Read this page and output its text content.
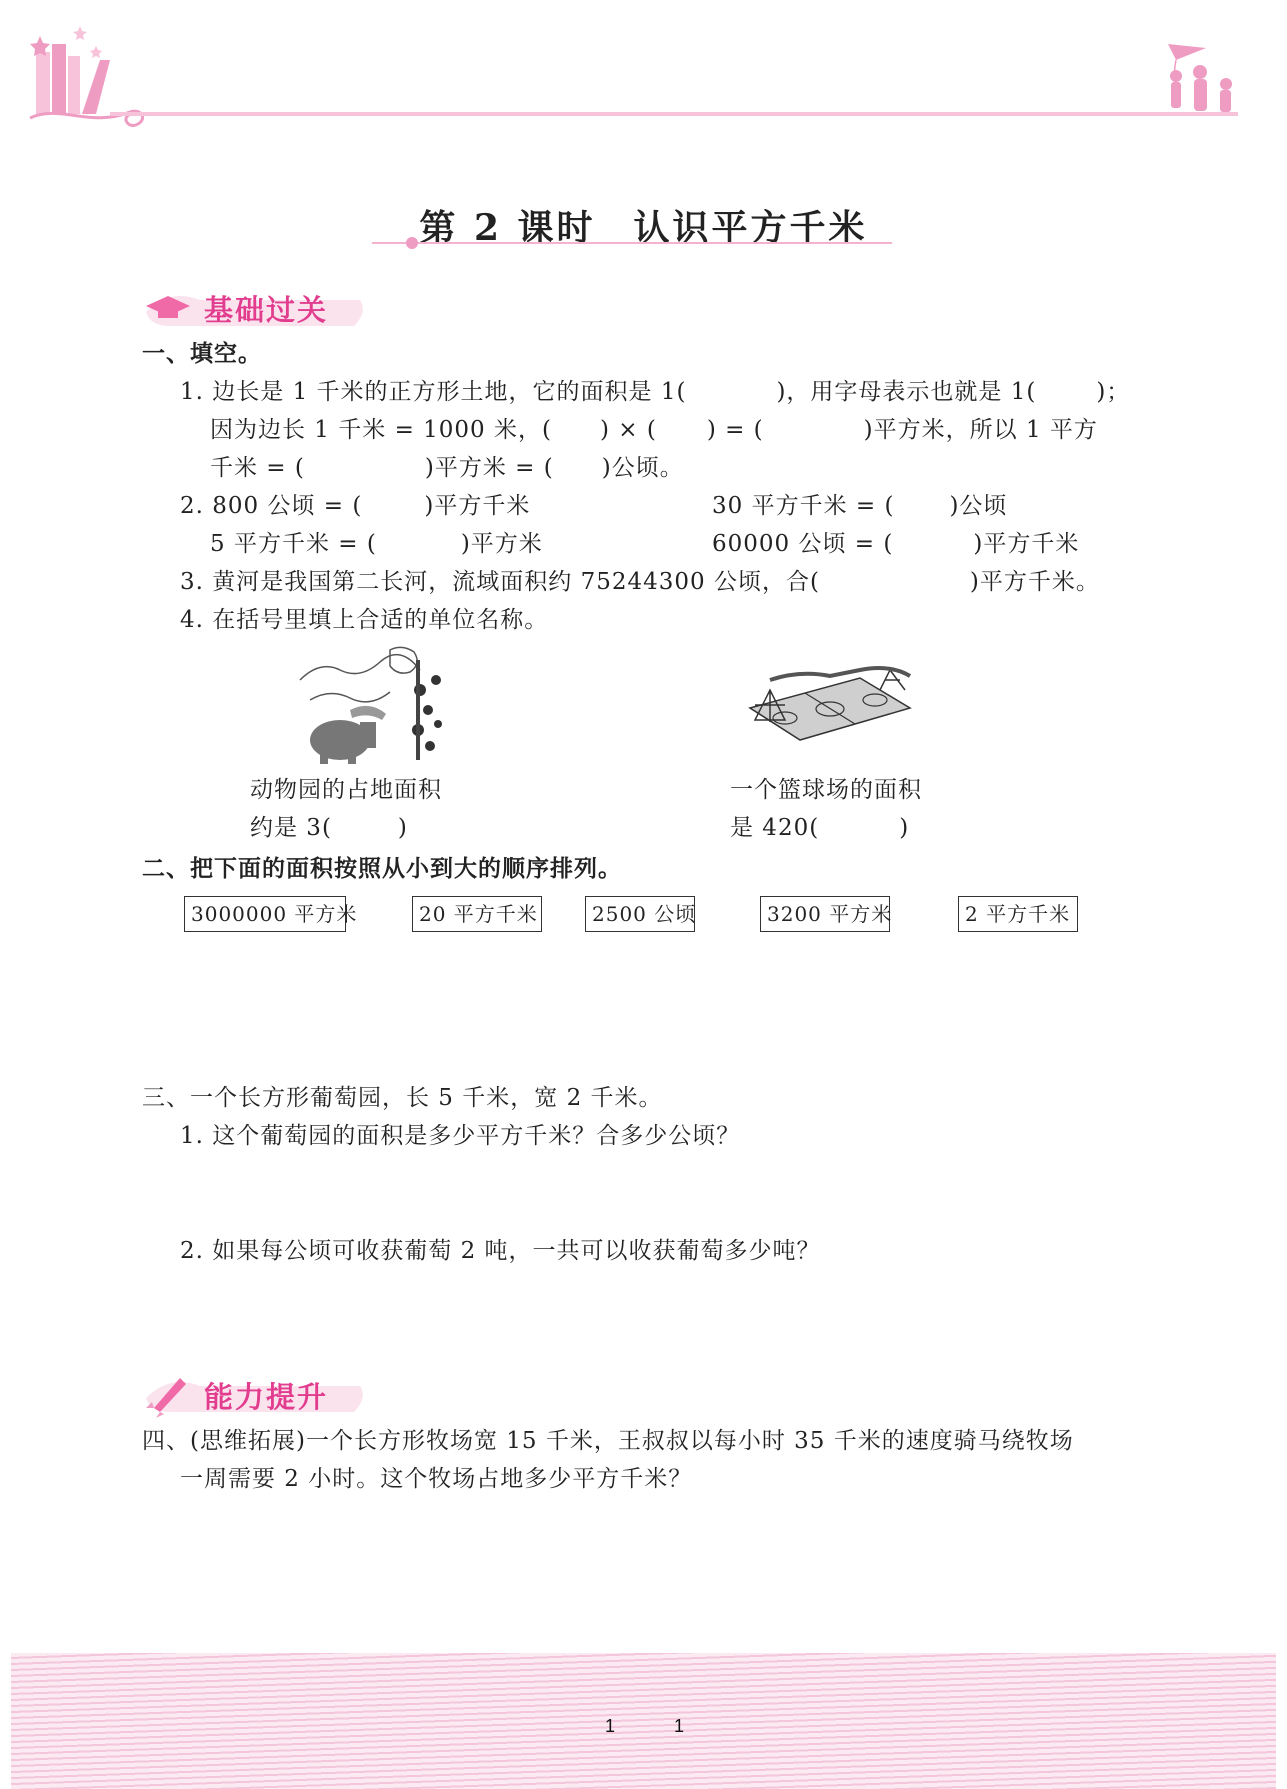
第 2 课时 认识平方千米
基础过关
一、填空。
1. 边长是 1 千米的正方形土地，它的面积是 1(	)，用字母表示也就是 1(	)；
因为边长 1 千米 = 1000 米，( ) × ( ) = (	)平方米，所以 1 平方
千米 = (	)平方米 = ( )公顷。
2. 800 公顷 = (	)平方千米	30 平方千米 = ( )公顷
5 平方千米 = (	)平方米	60000 公顷 = (	)平方千米
3. 黄河是我国第二长河，流域面积约 75244300 公顷，合(	)平方千米。
4. 在括号里填上合适的单位名称。
动物园的占地面积
约是 3(	)
一个篮球场的面积
是 420(	)
二、把下面的面积按照从小到大的顺序排列。
3000000 平方米	20 平方千米	2500 公顷	3200 平方米	2 平方千米
三、一个长方形葡萄园，长 5 千米，宽 2 千米。
1. 这个葡萄园的面积是多少平方千米？合多少公顷？
2. 如果每公顷可收获葡萄 2 吨，一共可以收获葡萄多少吨？
能力提升
四、(思维拓展)一个长方形牧场宽 15 千米，王叔叔以每小时 35 千米的速度骑马绕牧场
一周需要 2 小时。这个牧场占地多少平方千米？
1	1
